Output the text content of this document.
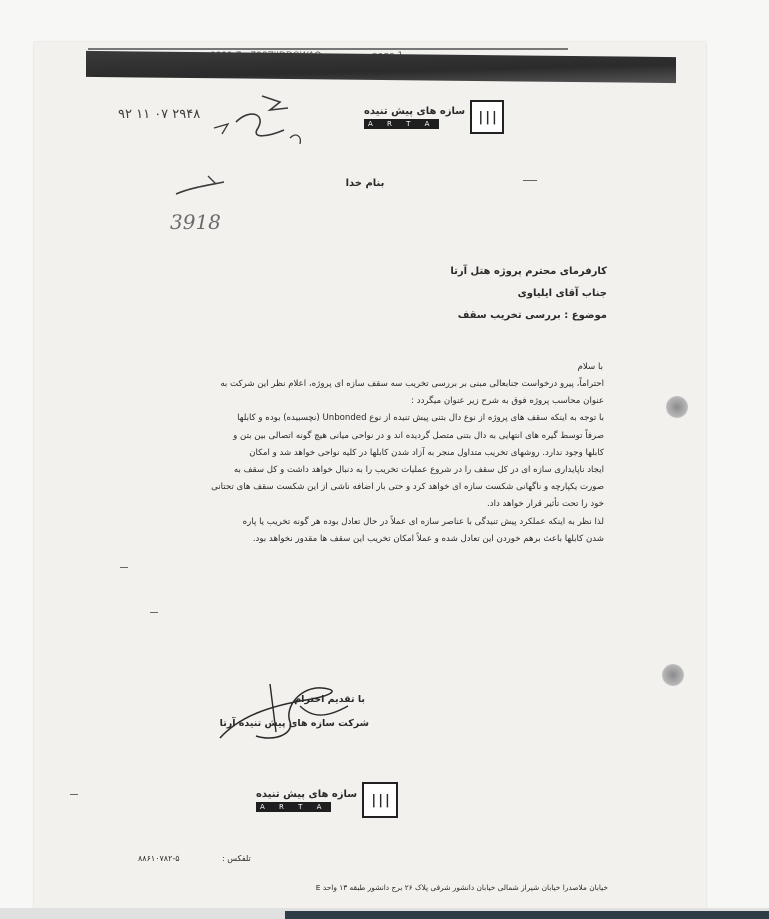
|||
سازه های پیش تنیده
A R T A
۹۲ ۱۱ ۰۷ ۲۹۴۸
3918
بنام خدا
کارفرمای محترم پروژه هتل آرتا
جناب آقای ایلیاوی
موضوع : بررسی تخریب سقف
با سلام

احتراماً، پیرو درخواست جنابعالی مبنی بر بررسی تخریب سه سقف سازه ای پروژه، اعلام نظر این شرکت به

عنوان محاسب پروژه فوق به شرح زیر عنوان میگردد :

با توجه به اینکه سقف های پروژه از نوع دال بتنی پیش تنیده از نوع Unbonded (نچسبیده) بوده و کابلها

صرفاً توسط گیره های انتهایی به دال بتنی متصل گردیده اند و در نواحی میانی هیچ گونه اتصالی بین بتن و

کابلها وجود ندارد. روشهای تخریب متداول منجر به آزاد شدن کابلها در کلیه نواحی خواهد شد و امکان

ایجاد ناپایداری سازه ای در کل سقف را در شروع عملیات تخریب را به دنبال خواهد داشت و کل سقف به

صورت یکپارچه و ناگهانی شکست سازه ای خواهد کرد و حتی بار اضافه ناشی از این شکست سقف های تحتانی

خود را تحت تأثیر قرار خواهد داد.

لذا نظر به اینکه عملکرد پیش تنیدگی با عناصر سازه ای عملاً در حال تعادل بوده هر گونه تخریب یا پاره

شدن کابلها باعث برهم خوردن این تعادل شده و عملاً امکان تخریب این سقف ها مقدور نخواهد بود.

با تقدیم احترام
شرکت سازه های پیش تنیده آرتا
|||
سازه های پیش تنیده
A R T A
تلفکس :
۸۸۶۱۰۷۸۲-۵
خیابان ملاصدرا خیابان شیراز شمالی خیابان دانشور شرقی پلاک ۲۶ برج دانشور طبقه ۱۳ واحد E
